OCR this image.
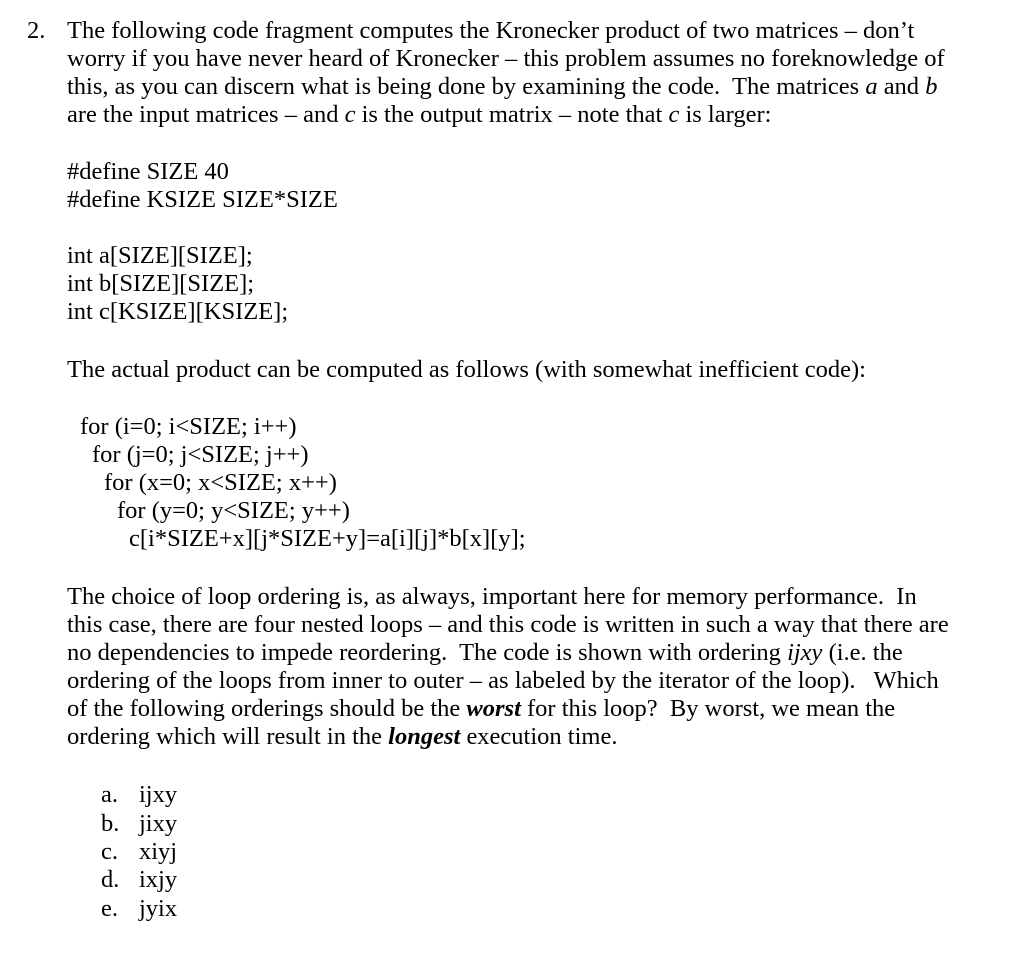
2. The following code fragment computes the Kronecker product of two matrices – don’t
worry if you have never heard of Kronecker – this problem assumes no foreknowledge of
this, as you can discern what is being done by examining the code.  The matrices a and b
are the input matrices – and c is the output matrix – note that c is larger:
#define SIZE 40
#define KSIZE SIZE*SIZE
int a[SIZE][SIZE];
int b[SIZE][SIZE];
int c[KSIZE][KSIZE];
The actual product can be computed as follows (with somewhat inefficient code):
for (i=0; i<SIZE; i++)
for (j=0; j<SIZE; j++)
for (x=0; x<SIZE; x++)
for (y=0; y<SIZE; y++)
c[i*SIZE+x][j*SIZE+y]=a[i][j]*b[x][y];
The choice of loop ordering is, as always, important here for memory performance.  In
this case, there are four nested loops – and this code is written in such a way that there are
no dependencies to impede reordering.  The code is shown with ordering ijxy (i.e. the
ordering of the loops from inner to outer – as labeled by the iterator of the loop).   Which
of the following orderings should be the worst for this loop?  By worst, we mean the
ordering which will result in the longest execution time.
a. ijxy
b. jixy
c. xiyj
d. ixjy
e. jyix
